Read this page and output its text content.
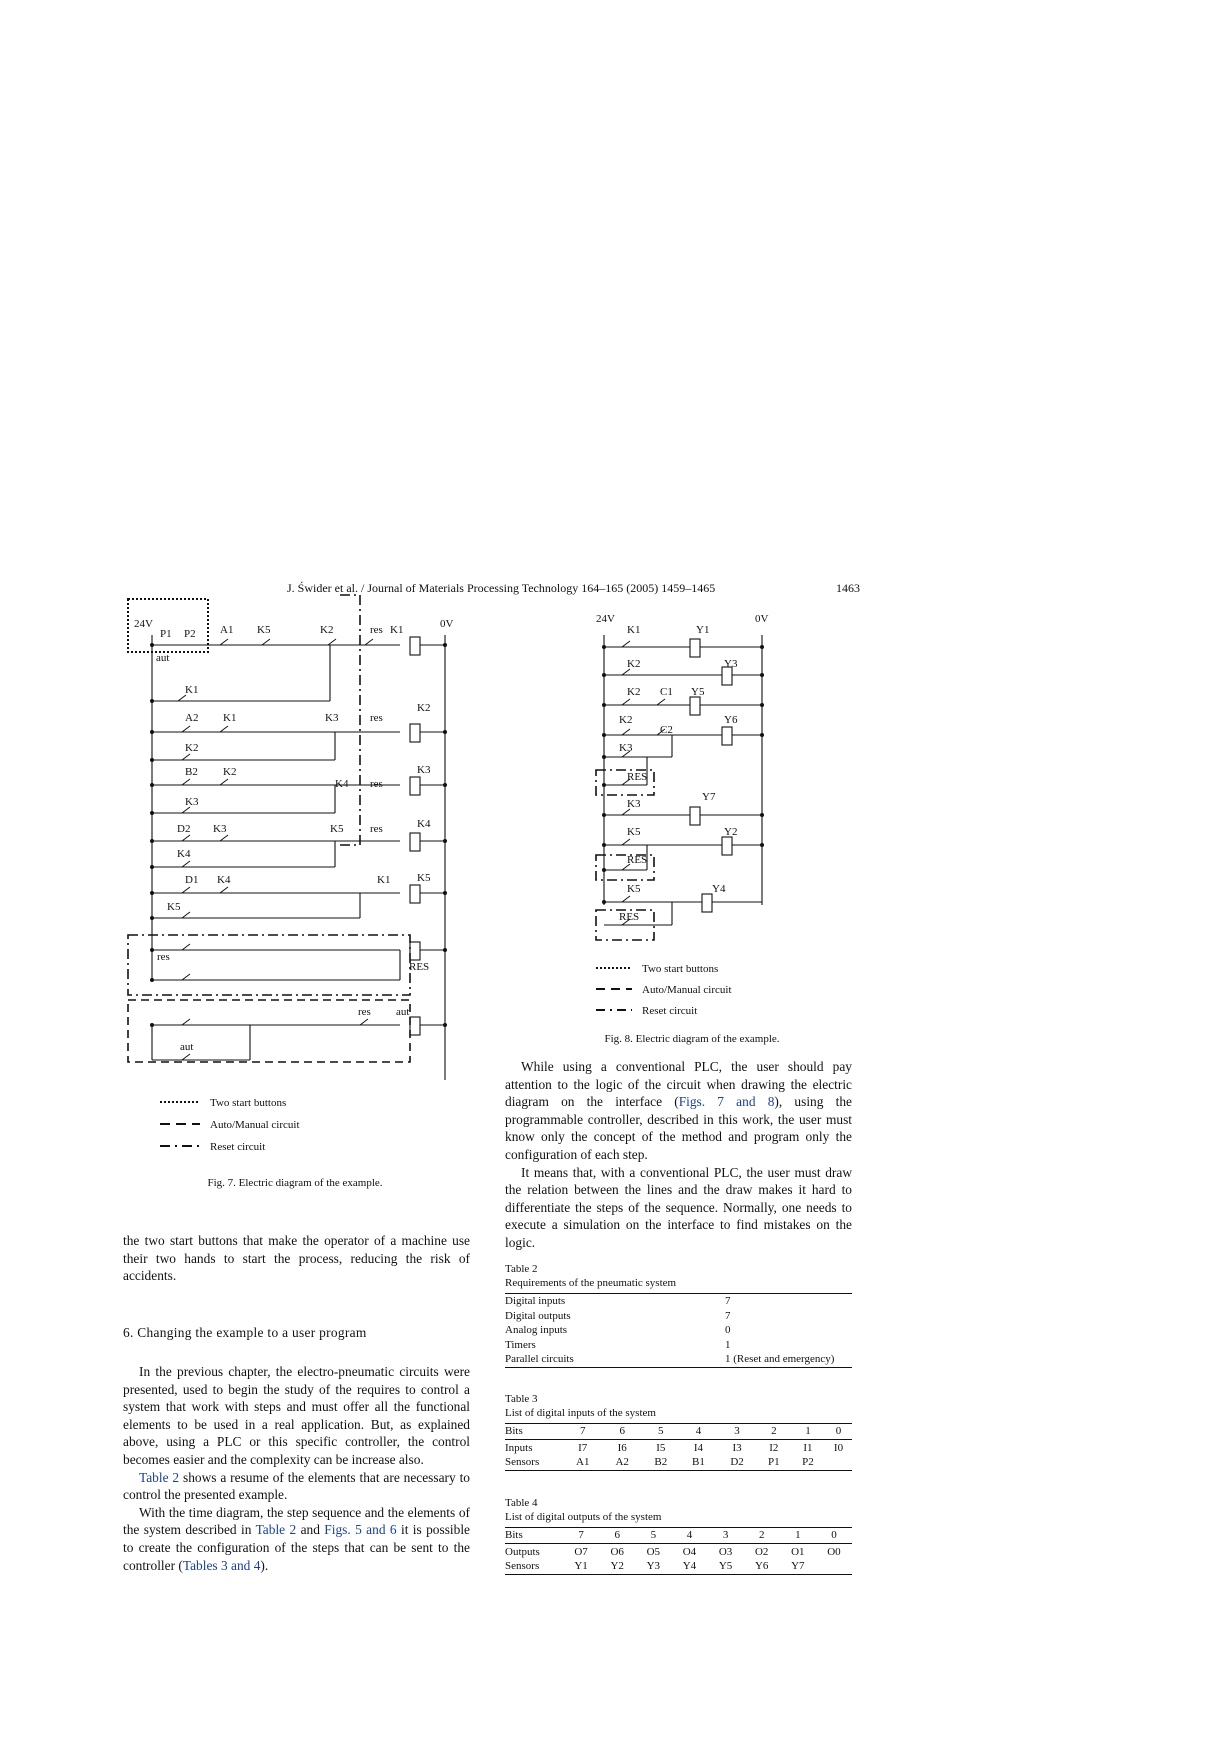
J. Świder et al. / Journal of Materials Processing Technology 164–165 (2005) 1459–1465	1463
24V	0V
P1 P2
aut
A1 K5	K2	res K1
K1
A2 K1	K3	res
K2
K2
B2 K2
K4 res
K3
K3
D2 K3	K5 res	K4
K4
D1 K4	K1 K5
K5
res
RES
res aut
aut
Two start buttons
Auto/Manual circuit
Reset circuit
Fig. 7. Electric diagram of the example.
24V	0V
K1	Y1
K2	Y3
K2 C1 Y5
K2
C2
Y6
K3
RES
Y7
K3
K5	Y2
RES
K5	Y4
RES
Two start buttons
Auto/Manual circuit
Reset circuit
Fig. 8. Electric diagram of the example.

the two start buttons that make the operator of a machine use their two hands to start the process, reducing the risk of accidents.

6. Changing the example to a user program

In the previous chapter, the electro-pneumatic circuits were presented, used to begin the study of the requires to control a system that work with steps and must offer all the functional elements to be used in a real application. But, as explained above, using a PLC or this specific controller, the control becomes easier and the complexity can be increase also.

Table 2 shows a resume of the elements that are necessary to control the presented example.

With the time diagram, the step sequence and the elements of the system described in Table 2 and Figs. 5 and 6 it is possible to create the configuration of the steps that can be sent to the controller (Tables 3 and 4).

While using a conventional PLC, the user should pay attention to the logic of the circuit when drawing the electric diagram on the interface (Figs. 7 and 8), using the programmable controller, described in this work, the user must know only the concept of the method and program only the configuration of each step.

It means that, with a conventional PLC, the user must draw the relation between the lines and the draw makes it hard to differentiate the steps of the sequence. Normally, one needs to execute a simulation on the interface to find mistakes on the logic.

Table 2
Requirements of the pneumatic system
Digital inputs	7
Digital outputs	7
Analog inputs	0
Timers	1
Parallel circuits	1 (Reset and emergency)
Table 3
List of digital inputs of the system
Bits	7	6	5	4	3	2	1	0
Inputs	I7	I6	I5	I4	I3	I2	I1	I0
Sensors	A1	A2	B2	B1	D2	P1	P2	
Table 4
List of digital outputs of the system
Bits	7	6	5	4	3	2	1	0
Outputs	O7	O6	O5	O4	O3	O2	O1	O0
Sensors	Y1	Y2	Y3	Y4	Y5	Y6	Y7	
